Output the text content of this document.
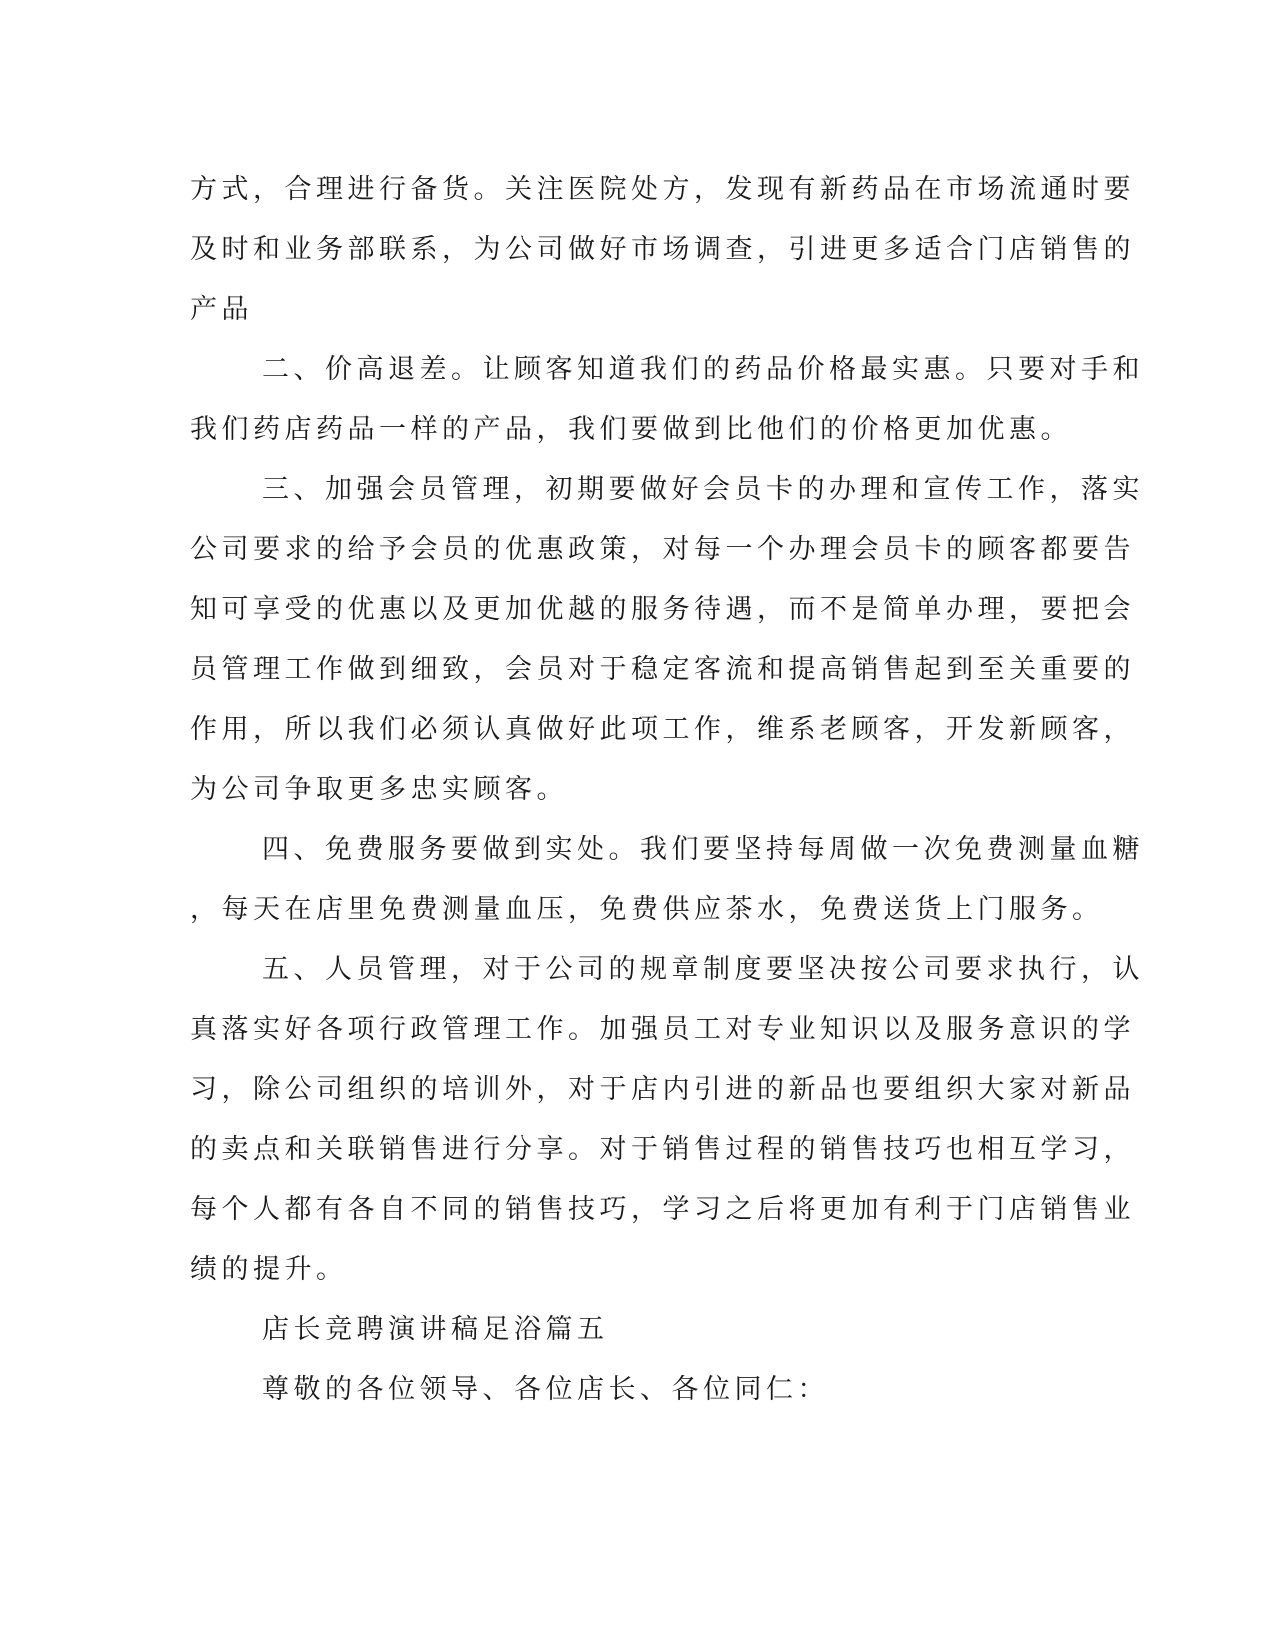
方式，合理进行备货。关注医院处方，发现有新药品在市场流通时要
及时和业务部联系，为公司做好市场调查，引进更多适合门店销售的
产品
二、价高退差。让顾客知道我们的药品价格最实惠。只要对手和
我们药店药品一样的产品，我们要做到比他们的价格更加优惠。
三、加强会员管理，初期要做好会员卡的办理和宣传工作，落实
公司要求的给予会员的优惠政策，对每一个办理会员卡的顾客都要告
知可享受的优惠以及更加优越的服务待遇，而不是简单办理，要把会
员管理工作做到细致，会员对于稳定客流和提高销售起到至关重要的
作用，所以我们必须认真做好此项工作，维系老顾客，开发新顾客，
为公司争取更多忠实顾客。
四、免费服务要做到实处。我们要坚持每周做一次免费测量血糖
，每天在店里免费测量血压，免费供应茶水，免费送货上门服务。
五、人员管理，对于公司的规章制度要坚决按公司要求执行，认
真落实好各项行政管理工作。加强员工对专业知识以及服务意识的学
习，除公司组织的培训外，对于店内引进的新品也要组织大家对新品
的卖点和关联销售进行分享。对于销售过程的销售技巧也相互学习，
每个人都有各自不同的销售技巧，学习之后将更加有利于门店销售业
绩的提升。
店长竞聘演讲稿足浴篇五
尊敬的各位领导、各位店长、各位同仁：
